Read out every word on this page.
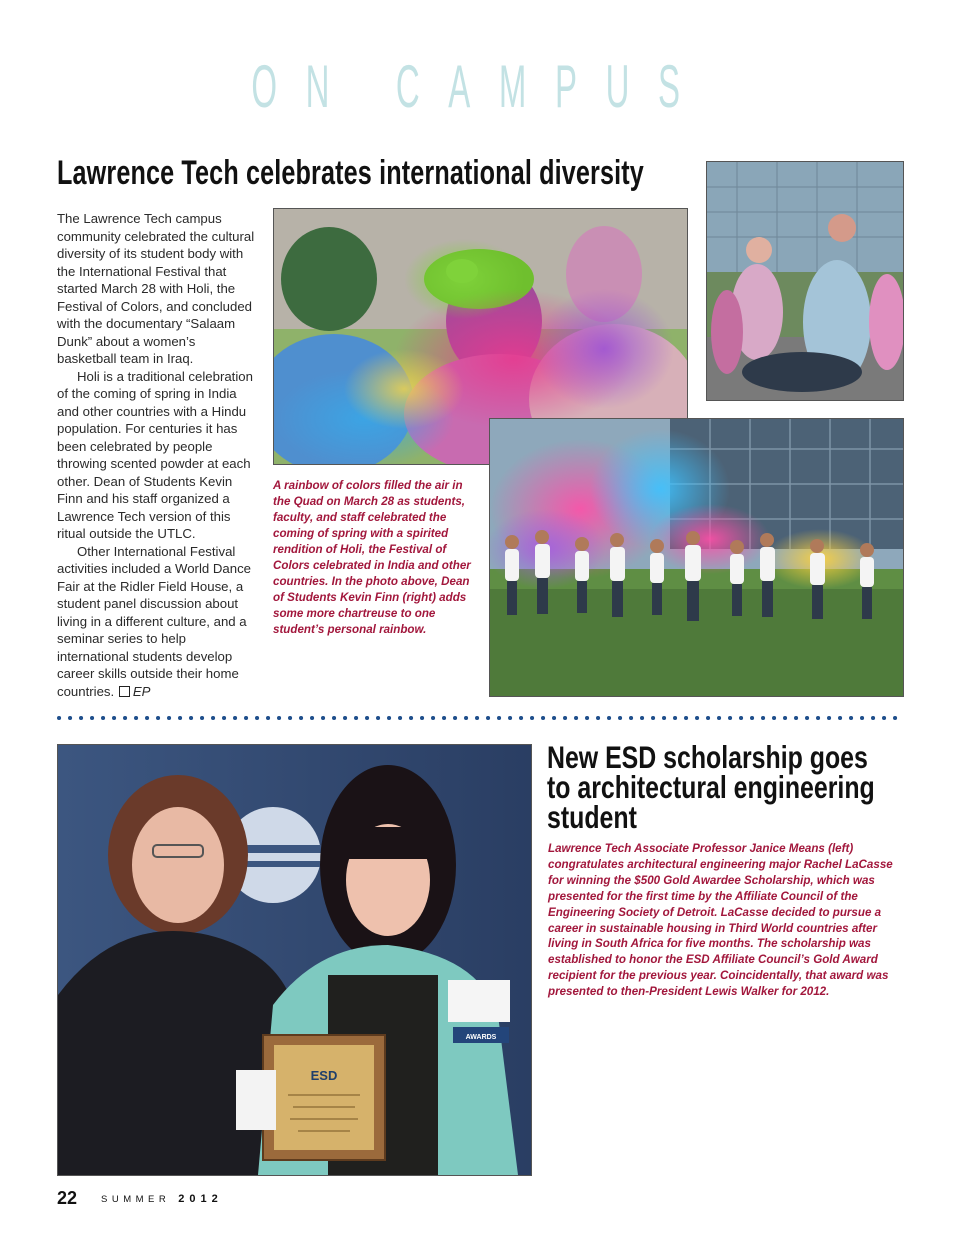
ON CAMPUS
Lawrence Tech celebrates international diversity

The Lawrence Tech campus community celebrated the cultural diversity of its student body with the International Festival that started March 28 with Holi, the Festival of Colors, and concluded with the documentary “Salaam Dunk” about a women’s basketball team in Iraq.

Holi is a traditional celebration of the coming of spring in India and other countries with a Hindu population. For centuries it has been celebrated by people throwing scented powder at each other. Dean of Students Kevin Finn and his staff organized a Lawrence Tech version of this ritual outside the UTLC.

Other International Festival activities included a World Dance Fair at the Ridler Field House, a student panel discussion about living in a different culture, and a seminar series to help international students develop career skills outside their home countries. EP

A rainbow of colors filled the air in the Quad on March 28 as students, faculty, and staff celebrated the coming of spring with a spirited rendition of Holi, the Festival of Colors celebrated in India and other countries. In the photo above, Dean of Students Kevin Finn (right) adds some more chartreuse to one student’s personal rainbow.
AWARDS
ESD
New ESD scholarship goes to architectural engineering student
Lawrence Tech Associate Professor Janice Means (left) congratulates architectural engineering major Rachel LaCasse for winning the $500 Gold Awardee Scholarship, which was presented for the first time by the Affiliate Council of the Engineering Society of Detroit. LaCasse decided to pursue a career in sustainable housing in Third World countries after living in South Africa for five months. The scholarship was established to honor the ESD Affiliate Council’s Gold Award recipient for the previous year. Coincidentally, that award was presented to then-President Lewis Walker for 2012.
22	SUMMER 2012
